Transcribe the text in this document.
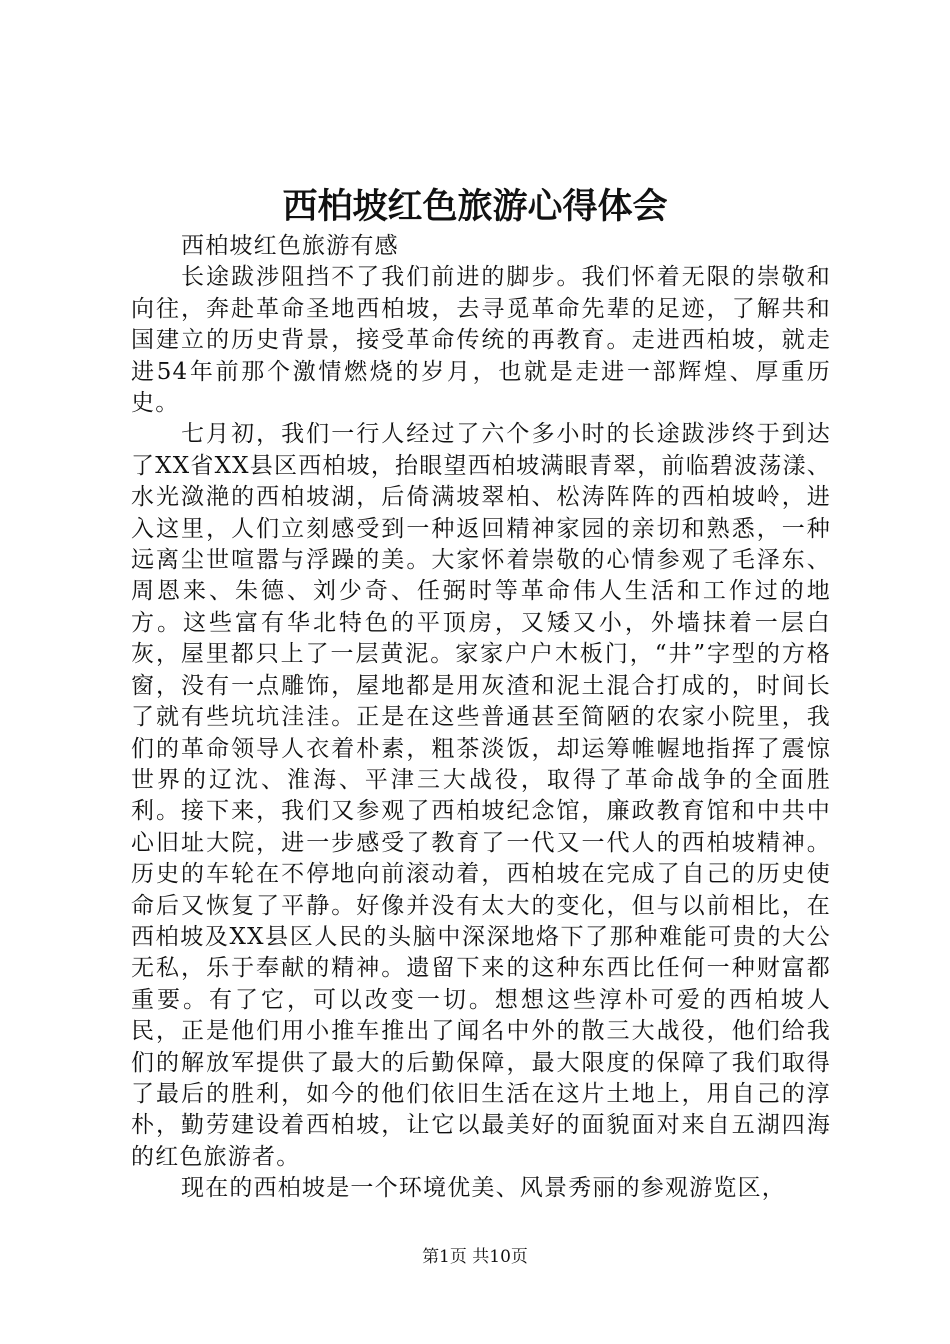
西柏坡红色旅游心得体会

西柏坡红色旅游有感

长途跋涉阻挡不了我们前进的脚步。我们怀着无限的崇敬和向往，奔赴革命圣地西柏坡，去寻觅革命先辈的足迹，了解共和国建立的历史背景，接受革命传统的再教育。走进西柏坡，就走进54年前那个激情燃烧的岁月，也就是走进一部辉煌、厚重历史。

七月初，我们一行人经过了六个多小时的长途跋涉终于到达了XX省XX县区西柏坡，抬眼望西柏坡满眼青翠，前临碧波荡漾、水光潋滟的西柏坡湖，后倚满坡翠柏、松涛阵阵的西柏坡岭，进入这里，人们立刻感受到一种返回精神家园的亲切和熟悉，一种远离尘世喧嚣与浮躁的美。大家怀着崇敬的心情参观了毛泽东、周恩来、朱德、刘少奇、任弼时等革命伟人生活和工作过的地方。这些富有华北特色的平顶房，又矮又小，外墙抹着一层白灰，屋里都只上了一层黄泥。家家户户木板门，“井”字型的方格窗，没有一点雕饰，屋地都是用灰渣和泥土混合打成的，时间长了就有些坑坑洼洼。正是在这些普通甚至简陋的农家小院里，我们的革命领导人衣着朴素，粗茶淡饭，却运筹帷幄地指挥了震惊世界的辽沈、淮海、平津三大战役，取得了革命战争的全面胜利。接下来，我们又参观了西柏坡纪念馆，廉政教育馆和中共中心旧址大院，进一步感受了教育了一代又一代人的西柏坡精神。历史的车轮在不停地向前滚动着，西柏坡在完成了自己的历史使命后又恢复了平静。好像并没有太大的变化，但与以前相比，在西柏坡及XX县区人民的头脑中深深地烙下了那种难能可贵的大公无私，乐于奉献的精神。遗留下来的这种东西比任何一种财富都重要。有了它，可以改变一切。想想这些淳朴可爱的西柏坡人民，正是他们用小推车推出了闻名中外的散三大战役，他们给我们的解放军提供了最大的后勤保障，最大限度的保障了我们取得了最后的胜利，如今的他们依旧生活在这片土地上，用自己的淳朴，勤劳建设着西柏坡，让它以最美好的面貌面对来自五湖四海的红色旅游者。

现在的西柏坡是一个环境优美、风景秀丽的参观游览区，

第1页 共10页
